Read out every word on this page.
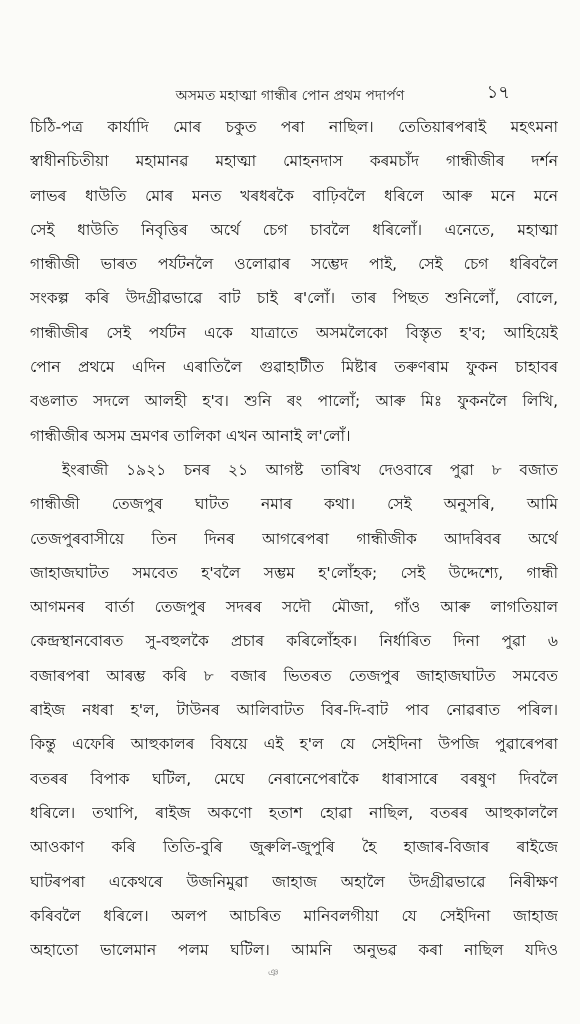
অসমত মহাত্মা গান্ধীৰ পোন প্ৰথম পদাৰ্পণ	১৭
চিঠি-পত্ৰ কাৰ্যাদি মোৰ চকুত পৰা নাছিল। তেতিয়াৰপৰাই মহৎমনা
স্বাধীনচিতীয়া মহামানৱ মহাত্মা মোহনদাস কৰমচাঁদ গান্ধীজীৰ দৰ্শন
লাভৰ ধাউতি মোৰ মনত খৰধৰকৈ বাঢ়িবলৈ ধৰিলে আৰু মনে মনে
সেই ধাউতি নিবৃত্তিৰ অৰ্থে চেগ চাবলৈ ধৰিলোঁ। এনেতে, মহাত্মা
গান্ধীজী ভাৰত পৰ্যটনলৈ ওলোৱাৰ সম্ভেদ পাই, সেই চেগ ধৰিবলৈ
সংকল্প কৰি উদগ্ৰীৱভাৱে বাট চাই ৰ'লোঁ। তাৰ পিছত শুনিলোঁ, বোলে,
গান্ধীজীৰ সেই পৰ্যটন একে যাত্ৰাতে অসমলৈকো বিস্তৃত হ'ব; আহিয়েই
পোন প্ৰথমে এদিন এৰাতিলৈ গুৱাহাটীত মিষ্টাৰ তৰুণৰাম ফুকন চাহাবৰ
বঙলাত সদলে আলহী হ'ব। শুনি ৰং পালোঁ; আৰু মিঃ ফুকনলৈ লিখি,
গান্ধীজীৰ অসম ভ্ৰমণৰ তালিকা এখন আনাই ল'লোঁ।
ইংৰাজী ১৯২১ চনৰ ২১ আগষ্ট তাৰিখ দেওবাৰে পুৱা ৮ বজাত
গান্ধীজী তেজপুৰ ঘাটত নমাৰ কথা। সেই অনুসৰি, আমি
তেজপুৰবাসীয়ে তিন দিনৰ আগৰেপৰা গান্ধীজীক আদৰিবৰ অৰ্থে
জাহাজঘাটত সমবেত হ'বলৈ সম্ভম হ'লোঁহক; সেই উদ্দেশ্যে, গান্ধী
আগমনৰ বাৰ্তা তেজপুৰ সদৰৰ সদৌ মৌজা, গাঁও আৰু লাগতিয়াল
কেন্দ্ৰস্থানবোৰত সু-বহুলকৈ প্ৰচাৰ কৰিলোঁহক। নিৰ্ধাৰিত দিনা পুৱা ৬
বজাৰপৰা আৰম্ভ কৰি ৮ বজাৰ ভিতৰত তেজপুৰ জাহাজঘাটত সমবেত
ৰাইজ নধৰা হ'ল, টাউনৰ আলিবাটত বিৰ-দি-বাট পাব নোৱৰাত পৰিল।
কিন্তু এফেৰি আহুকালৰ বিষয়ে এই হ'ল যে সেইদিনা উপজি পুৱাৰেপৰা
বতৰৰ বিপাক ঘটিল, মেঘে নেৰানেপেৰাকৈ ধাৰাসাৰে বৰষুণ দিবলৈ
ধৰিলে। তথাপি, ৰাইজ অকণো হতাশ হোৱা নাছিল, বতৰৰ আহুকাললৈ
আওকাণ কৰি তিতি-বুৰি জুৰুলি-জুপুৰি হৈ হাজাৰ-বিজাৰ ৰাইজে
ঘাটৰপৰা একেথৰে উজনিমুৱা জাহাজ অহালৈ উদগ্ৰীৱভাৱে নিৰীক্ষণ
কৰিবলৈ ধৰিলে। অলপ আচৰিত মানিবলগীয়া যে সেইদিনা জাহাজ
অহাতো ভালেমান পলম ঘটিল। আমনি অনুভৱ কৰা নাছিল যদিও
ঞ
